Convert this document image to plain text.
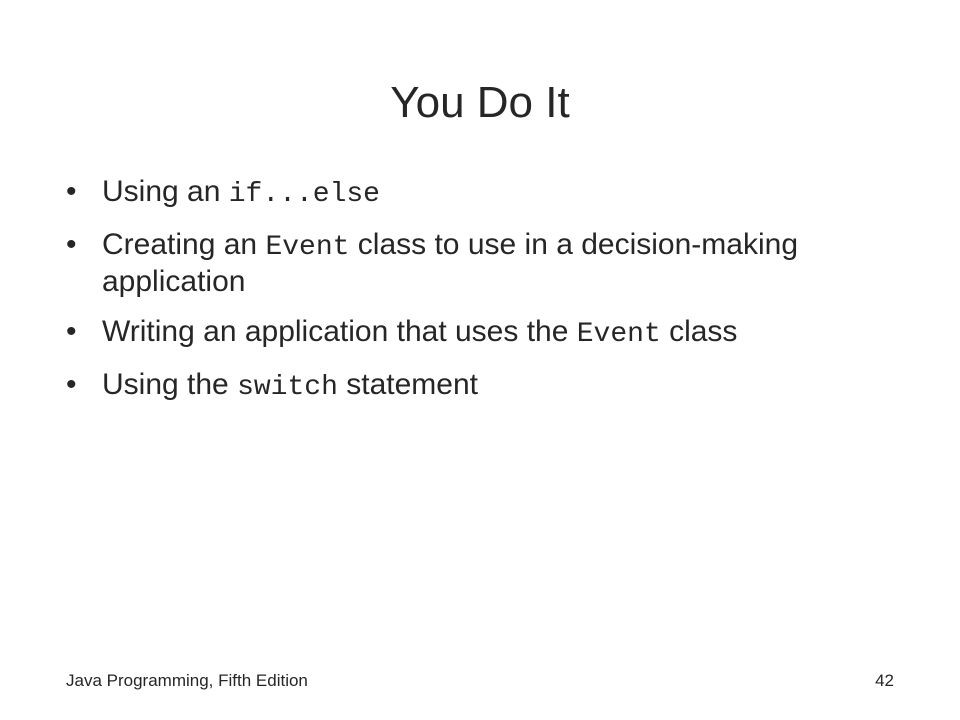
You Do It
• Using an if...else
• Creating an Event class to use in a decision-making application
• Writing an application that uses the Event class
• Using the switch statement
Java Programming, Fifth Edition	42
